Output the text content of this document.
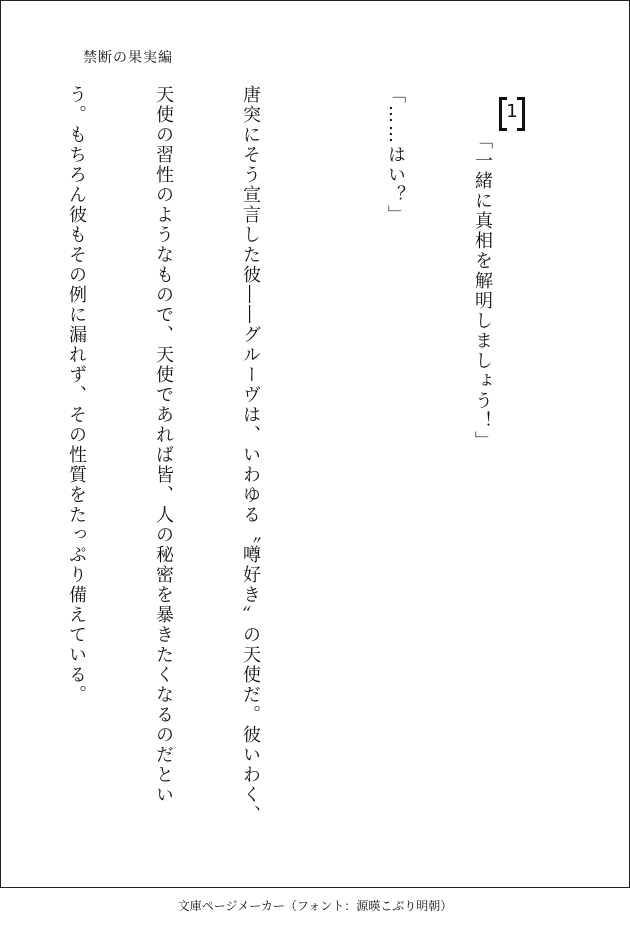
禁断の果実編
1

「一緒に真相を解明しましょう！」

「……はい？」

唐突にそう宣言した彼――グルーヴは、いわゆる〝噂好き〟の天使だ。彼いわく、

天使の習性のようなもので、天使であれば皆、人の秘密を暴きたくなるのだとい

う。もちろん彼もその例に漏れず、その性質をたっぷり備えている。

文庫ページメーカー（フォント：源暎こぶり明朝）
